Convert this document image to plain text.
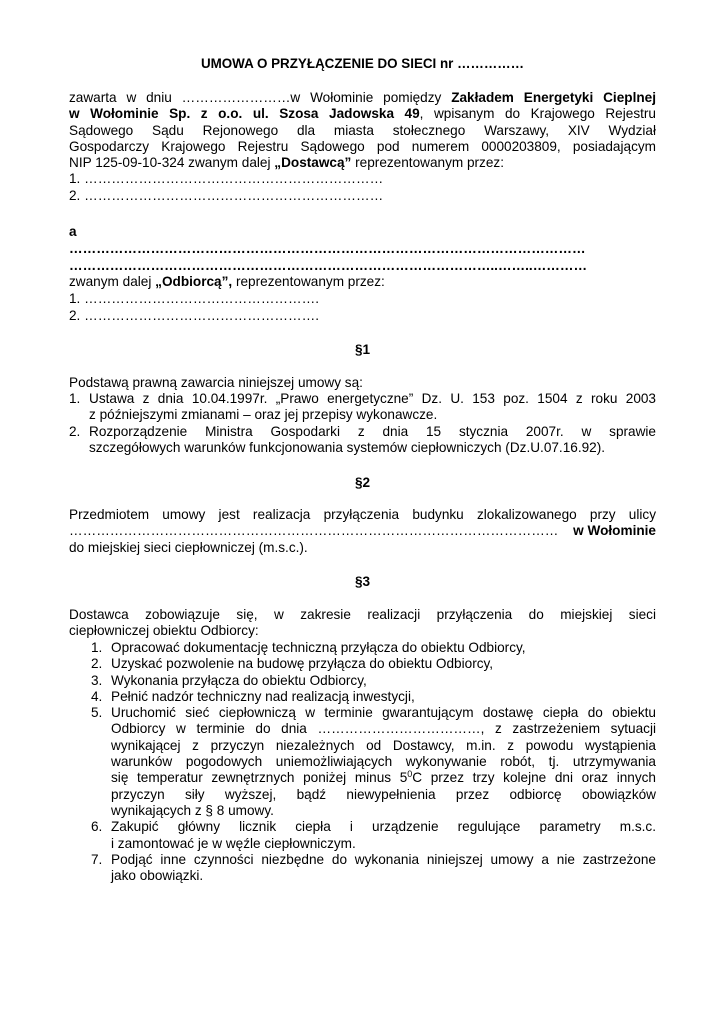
UMOWA O PRZYŁĄCZENIE DO SIECI nr ……………
zawarta w dniu ……………………w Wołominie pomiędzy Zakładem Energetyki Cieplnej
w Wołominie Sp. z o.o. ul. Szosa Jadowska 49, wpisanym do Krajowego Rejestru
Sądowego Sądu Rejonowego dla miasta stołecznego Warszawy, XIV Wydział
Gospodarczy Krajowego Rejestru Sądowego pod numerem 0000203809, posiadającym
NIP 125-09-10-324 zwanym dalej „Dostawcą” reprezentowanym przez:
1. …………………………………………………………
2. …………………………………………………………
a
……………………………………………………………………………………………………
…………………………………………………………………………………..……..…………
zwanym dalej „Odbiorcą”, reprezentowanym przez:
1. …………………………………………….
2. …………………………………………….
§1
Podstawą prawną zawarcia niniejszej umowy są:
1. Ustawa z dnia 10.04.1997r. „Prawo energetyczne” Dz. U. 153 poz. 1504 z roku 2003
z późniejszymi zmianami – oraz jej przepisy wykonawcze.
2. Rozporządzenie Ministra Gospodarki z dnia 15 stycznia 2007r. w sprawie
szczegółowych warunków funkcjonowania systemów ciepłowniczych (Dz.U.07.16.92).
§2
Przedmiotem umowy jest realizacja przyłączenia budynku zlokalizowanego przy ulicy
……………………………………………………………………………………………… w Wołominie
do miejskiej sieci ciepłowniczej (m.s.c.).
§3
Dostawca zobowiązuje się, w zakresie realizacji przyłączenia do miejskiej sieci
ciepłowniczej obiektu Odbiorcy:
1. Opracować dokumentację techniczną przyłącza do obiektu Odbiorcy,
2. Uzyskać pozwolenie na budowę przyłącza do obiektu Odbiorcy,
3. Wykonania przyłącza do obiektu Odbiorcy,
4. Pełnić nadzór techniczny nad realizacją inwestycji,
5. Uruchomić sieć ciepłowniczą w terminie gwarantującym dostawę ciepła do obiektu
Odbiorcy w terminie do dnia ………………………………, z zastrzeżeniem sytuacji
wynikającej z przyczyn niezależnych od Dostawcy, m.in. z powodu wystąpienia
warunków pogodowych uniemożliwiających wykonywanie robót, tj. utrzymywania
się temperatur zewnętrznych poniżej minus $5^0C$ przez trzy kolejne dni oraz innych
przyczyn siły wyższej, bądź niewypełnienia przez odbiorcę obowiązków
wynikających z § 8 umowy.
6. Zakupić główny licznik ciepła i urządzenie regulujące parametry m.s.c.
i zamontować je w węźle ciepłowniczym.
7. Podjąć inne czynności niezbędne do wykonania niniejszej umowy a nie zastrzeżone
jako obowiązki.
